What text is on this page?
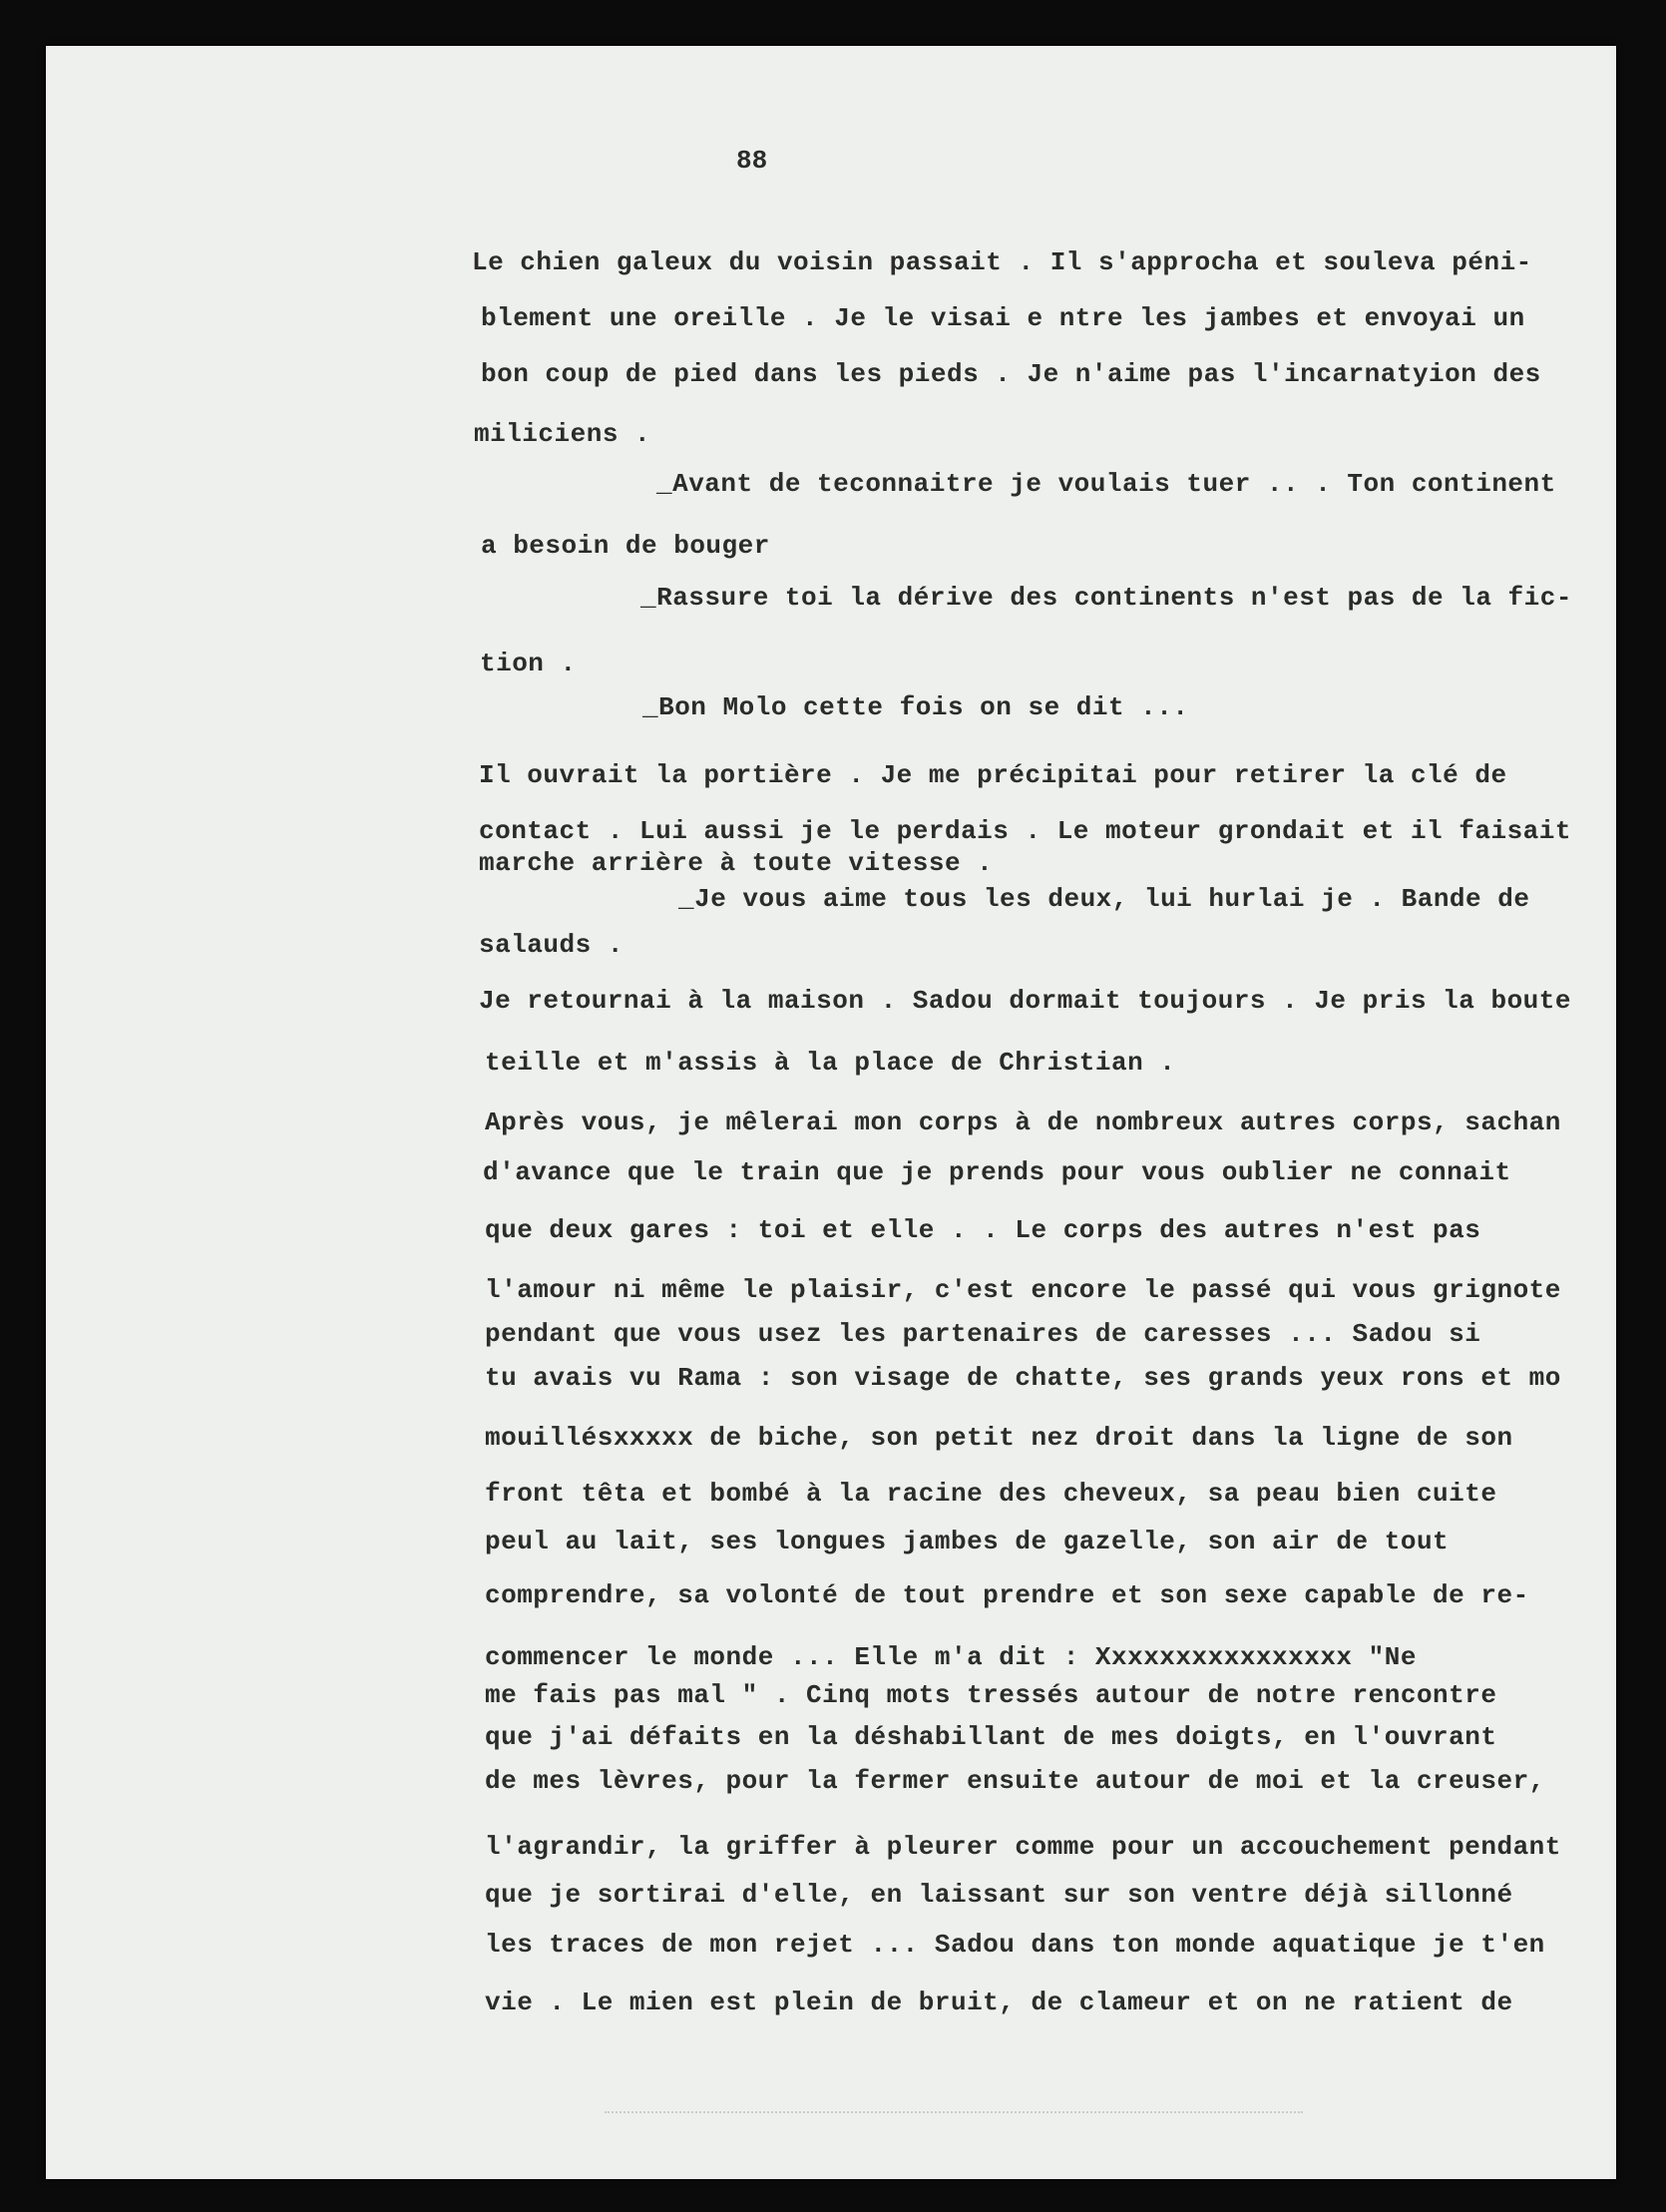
88
Le chien galeux du voisin passait . Il s'approcha et souleva péni-
blement une oreille . Je le visai e ntre les jambes et envoyai un
bon coup de pied dans les pieds . Je n'aime pas l'incarnatyion des
miliciens .
_Avant de teconnaitre je voulais tuer .. . Ton continent
a besoin de bouger
_Rassure toi la dérive des continents n'est pas de la fic-
tion .
_Bon Molo cette fois on se dit ...
Il ouvrait la portière . Je me précipitai pour retirer la clé de
contact . Lui aussi je le perdais . Le moteur grondait et il faisait
marche arrière à toute vitesse .
_Je vous aime tous les deux, lui hurlai je . Bande de
salauds .
Je retournai à la maison . Sadou dormait toujours . Je pris la boute
teille et m'assis à la place de Christian .
Après vous, je mêlerai mon corps à de nombreux autres corps, sachan
d'avance que le train que je prends pour vous oublier ne connait
que deux gares : toi et elle . . Le corps des autres n'est pas
l'amour ni même le plaisir, c'est encore le passé qui vous grignote
pendant que vous usez les partenaires de caresses ... Sadou si
tu avais vu Rama : son visage de chatte, ses grands yeux rons et mo
mouillésxxxxx de biche, son petit nez droit dans la ligne de son
front têta et bombé à la racine des cheveux, sa peau bien cuite
peul au lait, ses longues jambes de gazelle, son air de tout
comprendre, sa volonté de tout prendre et son sexe capable de re-
commencer le monde ... Elle m'a dit : Xxxxxxxxxxxxxxxx "Ne
me fais pas mal " . Cinq mots tressés autour de notre rencontre
que j'ai défaits en la déshabillant de mes doigts, en l'ouvrant
de mes lèvres, pour la fermer ensuite autour de moi et la creuser,
l'agrandir, la griffer à pleurer comme pour un accouchement pendant
que je sortirai d'elle, en laissant sur son ventre déjà sillonné
les traces de mon rejet ... Sadou dans ton monde aquatique je t'en
vie . Le mien est plein de bruit, de clameur et on ne ratient de
